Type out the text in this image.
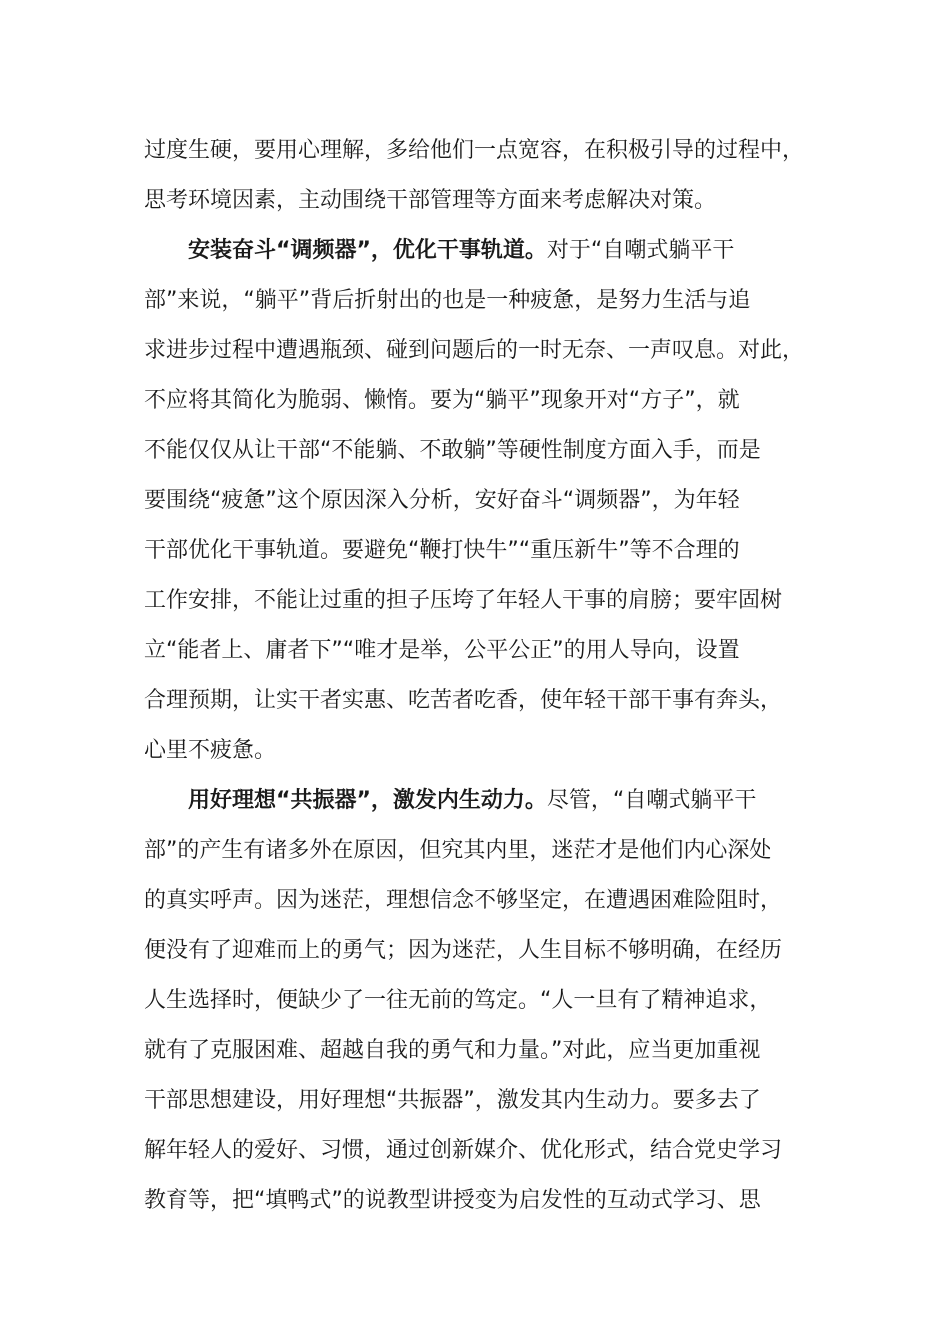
过度生硬，要用心理解，多给他们一点宽容，在积极引导的过程中，
思考环境因素，主动围绕干部管理等方面来考虑解决对策。
安装奋斗“调频器”，优化干事轨道。对于“自嘲式躺平干
部”来说，“躺平”背后折射出的也是一种疲惫，是努力生活与追
求进步过程中遭遇瓶颈、碰到问题后的一时无奈、一声叹息。对此，
不应将其简化为脆弱、懒惰。要为“躺平”现象开对“方子”，就
不能仅仅从让干部“不能躺、不敢躺”等硬性制度方面入手，而是
要围绕“疲惫”这个原因深入分析，安好奋斗“调频器”，为年轻
干部优化干事轨道。要避免“鞭打快牛”“重压新牛”等不合理的
工作安排，不能让过重的担子压垮了年轻人干事的肩膀；要牢固树
立“能者上、庸者下”“唯才是举，公平公正”的用人导向，设置
合理预期，让实干者实惠、吃苦者吃香，使年轻干部干事有奔头，
心里不疲惫。
用好理想“共振器”，激发内生动力。尽管，“自嘲式躺平干
部”的产生有诸多外在原因，但究其内里，迷茫才是他们内心深处
的真实呼声。因为迷茫，理想信念不够坚定，在遭遇困难险阻时，
便没有了迎难而上的勇气；因为迷茫，人生目标不够明确，在经历
人生选择时，便缺少了一往无前的笃定。“人一旦有了精神追求，
就有了克服困难、超越自我的勇气和力量。”对此，应当更加重视
干部思想建设，用好理想“共振器”，激发其内生动力。要多去了
解年轻人的爱好、习惯，通过创新媒介、优化形式，结合党史学习
教育等，把“填鸭式”的说教型讲授变为启发性的互动式学习、思
